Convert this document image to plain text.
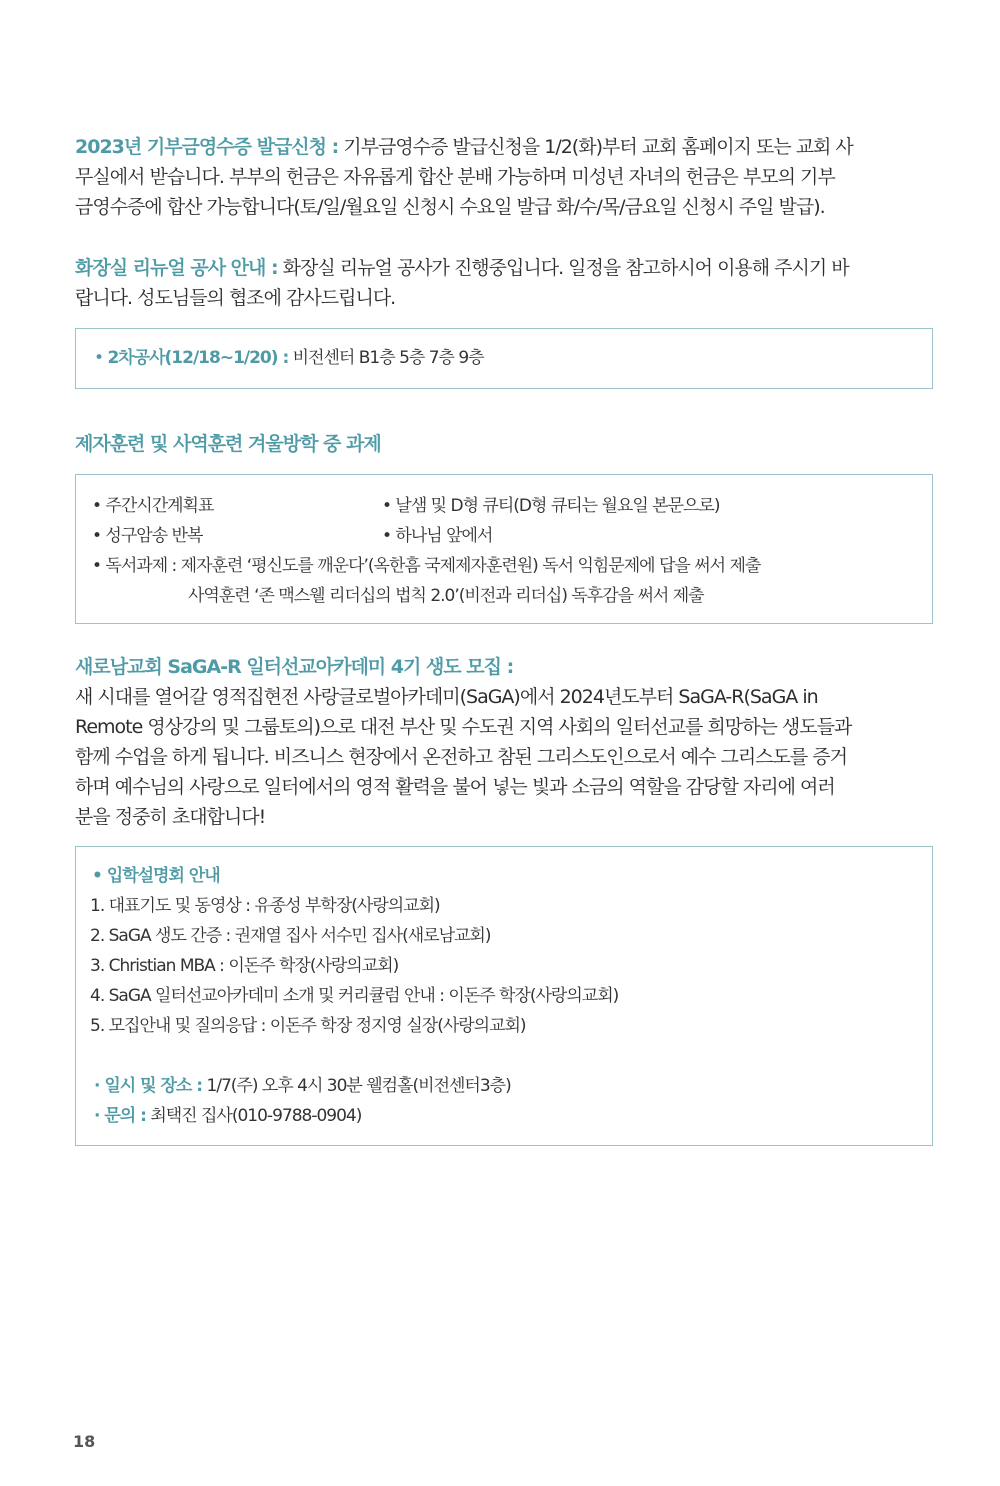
2023년 기부금영수증 발급신청 : 기부금영수증 발급신청을 1/2(화)부터 교회 홈페이지 또는 교회 사
무실에서 받습니다. 부부의 헌금은 자유롭게 합산 분배 가능하며 미성년 자녀의 헌금은 부모의 기부
금영수증에 합산 가능합니다(토/일/월요일 신청시 수요일 발급 화/수/목/금요일 신청시 주일 발급).

화장실 리뉴얼 공사 안내 : 화장실 리뉴얼 공사가 진행중입니다. 일정을 참고하시어 이용해 주시기 바
랍니다. 성도님들의 협조에 감사드립니다.

• 2차공사(12/18~1/20) : 비전센터 B1층 5층 7층 9층

제자훈련 및 사역훈련 겨울방학 중 과제

• 주간시간계획표	• 날샘 및 D형 큐티(D형 큐티는 월요일 본문으로)
• 성구암송 반복	• 하나님 앞에서
• 독서과제 : 제자훈련 ‘평신도를 깨운다’(옥한흠 국제제자훈련원) 독서 익힘문제에 답을 써서 제출
사역훈련 ‘존 맥스웰 리더십의 법칙 2.0’(비전과 리더십) 독후감을 써서 제출

새로남교회 SaGA-R 일터선교아카데미 4기 생도 모집 :
새 시대를 열어갈 영적집현전 사랑글로벌아카데미(SaGA)에서 2024년도부터 SaGA-R(SaGA in
Remote 영상강의 및 그룹토의)으로 대전 부산 및 수도권 지역 사회의 일터선교를 희망하는 생도들과
함께 수업을 하게 됩니다. 비즈니스 현장에서 온전하고 참된 그리스도인으로서 예수 그리스도를 증거
하며 예수님의 사랑으로 일터에서의 영적 활력을 불어 넣는 빛과 소금의 역할을 감당할 자리에 여러
분을 정중히 초대합니다!

• 입학설명회 안내
1. 대표기도 및 동영상 : 유종성 부학장(사랑의교회)
2. SaGA 생도 간증 : 권재열 집사 서수민 집사(새로남교회)
3. Christian MBA : 이돈주 학장(사랑의교회)
4. SaGA 일터선교아카데미 소개 및 커리큘럼 안내 : 이돈주 학장(사랑의교회)
5. 모집안내 및 질의응답 : 이돈주 학장 정지영 실장(사랑의교회)
· 일시 및 장소 : 1/7(주) 오후 4시 30분 웰컴홀(비전센터3층)
· 문의 : 최택진 집사(010-9788-0904)
18
